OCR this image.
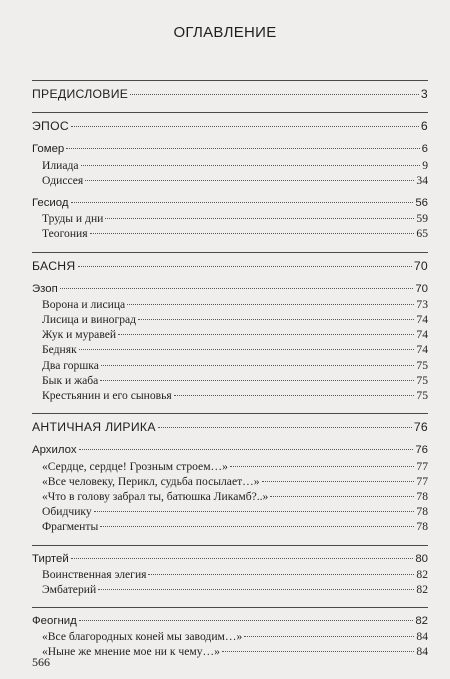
ОГЛАВЛЕНИЕ
ПРЕДИСЛОВИЕ	3
ЭПОС	6
Гомер	6
Илиада	9
Одиссея	34
Гесиод	56
Труды и дни	59
Теогония	65
БАСНЯ	70
Эзоп	70
Ворона и лисица	73
Лисица и виноград	74
Жук и муравей	74
Бедняк	74
Два горшка	75
Бык и жаба	75
Крестьянин и его сыновья	75
АНТИЧНАЯ ЛИРИКА	76
Архилох	76
«Сердце, сердце! Грозным строем…»	77
«Все человеку, Перикл, судьба посылает…»	77
«Что в голову забрал ты, батюшка Ликамб?..»	78
Обидчику	78
Фрагменты	78
Тиртей	80
Воинственная элегия	82
Эмбатерий	82
Феогнид	82
«Все благородных коней мы заводим…»	84
«Ныне же мнение мое ни к чему…»	84
566
